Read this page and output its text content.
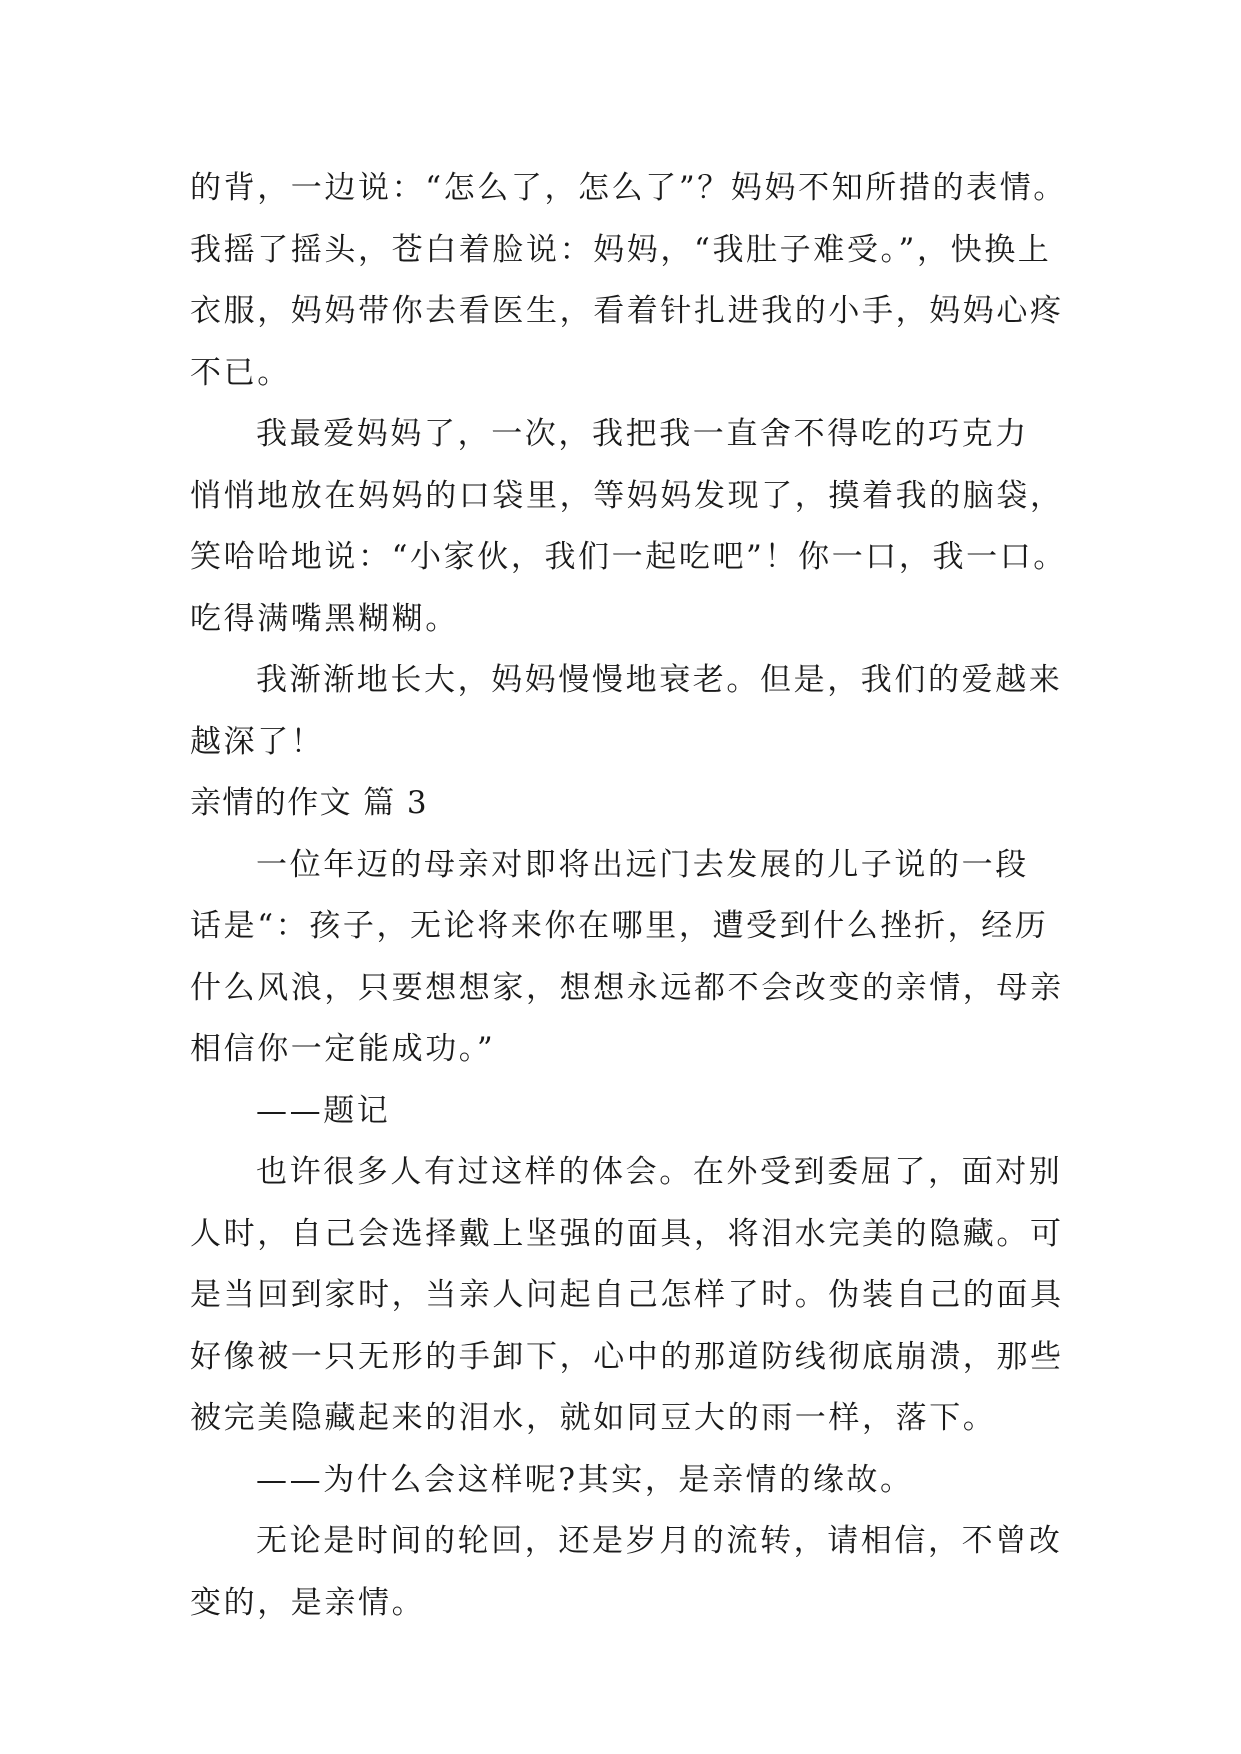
的背，一边说：“怎么了，怎么了”？妈妈不知所措的表情。
我摇了摇头，苍白着脸说：妈妈，“我肚子难受。”，快换上
衣服，妈妈带你去看医生，看着针扎进我的小手，妈妈心疼
不已。
我最爱妈妈了，一次，我把我一直舍不得吃的巧克力
悄悄地放在妈妈的口袋里，等妈妈发现了，摸着我的脑袋，
笑哈哈地说：“小家伙，我们一起吃吧”！你一口，我一口。
吃得满嘴黑糊糊。
我渐渐地长大，妈妈慢慢地衰老。但是，我们的爱越来
越深了！
亲情的作文 篇 3
一位年迈的母亲对即将出远门去发展的儿子说的一段
话是“：孩子，无论将来你在哪里，遭受到什么挫折，经历
什么风浪，只要想想家，想想永远都不会改变的亲情，母亲
相信你一定能成功。”
——题记
也许很多人有过这样的体会。在外受到委屈了，面对别
人时，自己会选择戴上坚强的面具，将泪水完美的隐藏。可
是当回到家时，当亲人问起自己怎样了时。伪装自己的面具
好像被一只无形的手卸下，心中的那道防线彻底崩溃，那些
被完美隐藏起来的泪水，就如同豆大的雨一样，落下。
——为什么会这样呢?其实，是亲情的缘故。
无论是时间的轮回，还是岁月的流转，请相信，不曾改
变的，是亲情。
